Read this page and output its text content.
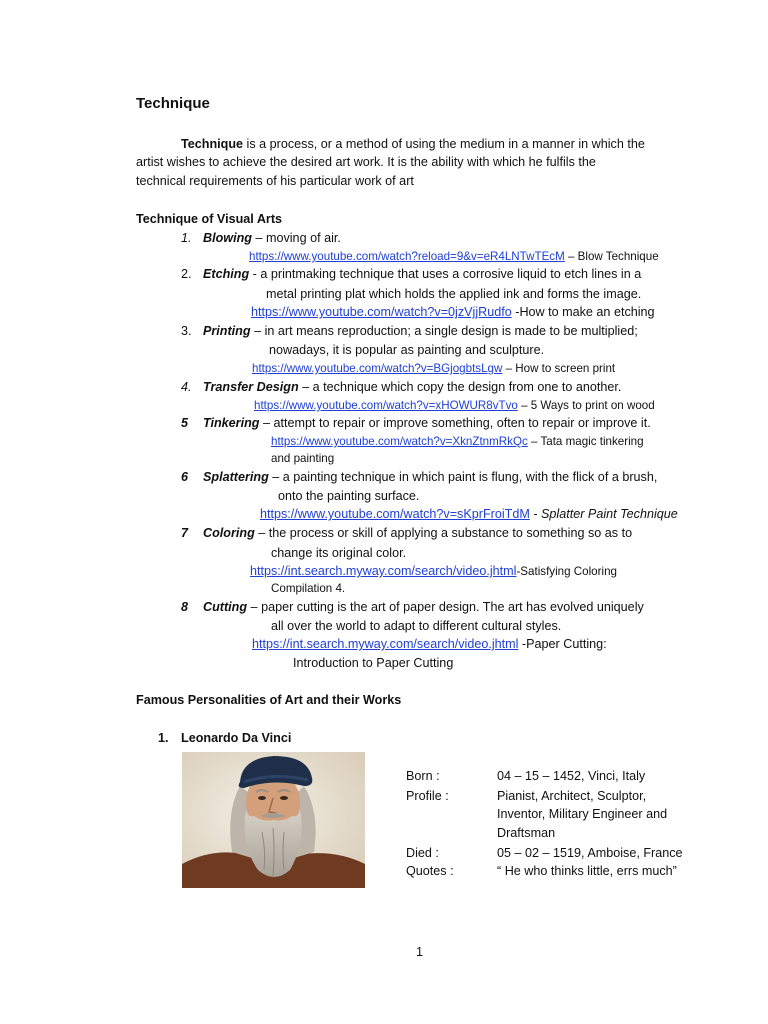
Technique
Technique is a process, or a method of using the medium in a manner in which the
artist wishes to achieve the desired art work. It is the ability with which he fulfils the
technical requirements of his particular work of art
Technique of Visual Arts
1. Blowing – moving of air.
https://www.youtube.com/watch?reload=9&v=eR4LNTwTEcM – Blow Technique
2. Etching - a printmaking technique that uses a corrosive liquid to etch lines in a
metal printing plat which holds the applied ink and forms the image.
https://www.youtube.com/watch?v=0jzVjjRudfo -How to make an etching
3. Printing – in art means reproduction; a single design is made to be multiplied;
nowadays, it is popular as painting and sculpture.
https://www.youtube.com/watch?v=BGjogbtsLgw – How to screen print
4. Transfer Design – a technique which copy the design from one to another.
https://www.youtube.com/watch?v=xHOWUR8vTvo – 5 Ways to print on wood
5 Tinkering – attempt to repair or improve something, often to repair or improve it.
https://www.youtube.com/watch?v=XknZtnmRkQc – Tata magic tinkering
and painting
6 Splattering – a painting technique in which paint is flung, with the flick of a brush,
onto the painting surface.
https://www.youtube.com/watch?v=sKprFroiTdM - Splatter Paint Technique
7 Coloring – the process or skill of applying a substance to something so as to
change its original color.
https://int.search.myway.com/search/video.jhtml-Satisfying Coloring
Compilation 4.
8 Cutting – paper cutting is the art of paper design. The art has evolved uniquely
all over the world to adapt to different cultural styles.
https://int.search.myway.com/search/video.jhtml -Paper Cutting:
Introduction to Paper Cutting
Famous Personalities of Art and their Works
1. Leonardo Da Vinci
Born :	04 – 15 – 1452, Vinci, Italy
Profile :	Pianist, Architect, Sculptor,
Inventor, Military Engineer and
Draftsman
Died :	05 – 02 – 1519, Amboise, France
Quotes :	“ He who thinks little, errs much”
1
